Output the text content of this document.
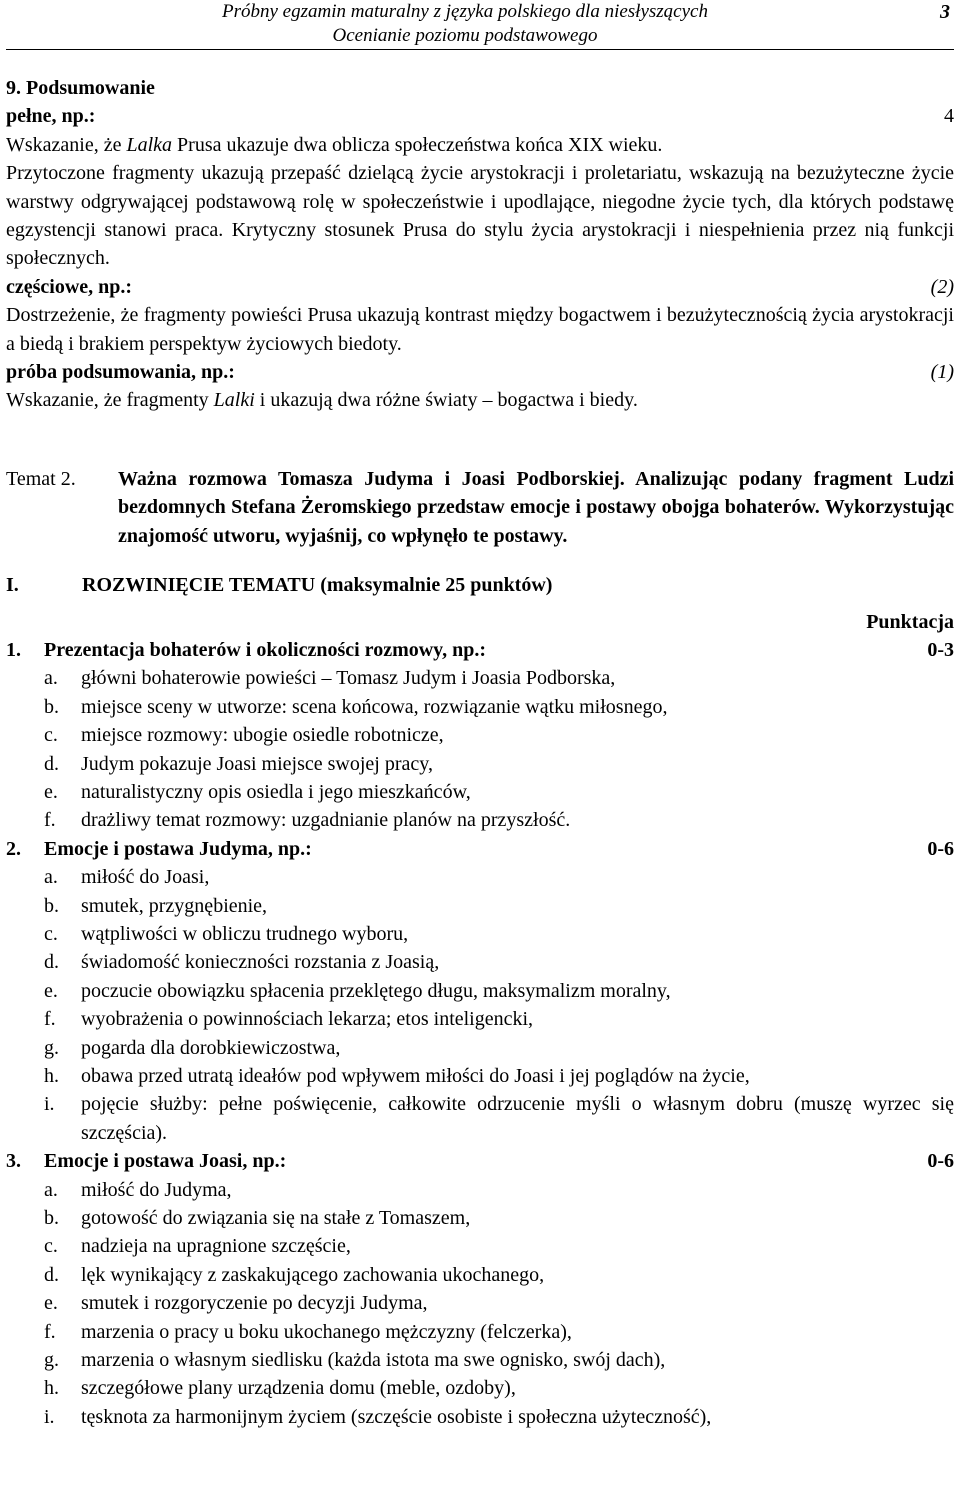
Próbny egzamin maturalny z języka polskiego dla niesłyszących
Ocenianie poziomu podstawowego
3
9. Podsumowanie
pełne, np.:	4
Wskazanie, że Lalka Prusa ukazuje dwa oblicza społeczeństwa końca XIX wieku.
Przytoczone fragmenty ukazują przepaść dzielącą życie arystokracji i proletariatu, wskazują na bezużyteczne życie warstwy odgrywającej podstawową rolę w społeczeństwie i upodlające, niegodne życie tych, dla których podstawę egzystencji stanowi praca. Krytyczny stosunek Prusa do stylu życia arystokracji i niespełnienia przez nią funkcji społecznych.
częściowe, np.:	(2)
Dostrzeżenie, że fragmenty powieści Prusa ukazują kontrast między bogactwem i bezużytecznością życia arystokracji a biedą i brakiem perspektyw życiowych biedoty.
próba podsumowania, np.:	(1)
Wskazanie, że fragmenty Lalki i ukazują dwa różne światy – bogactwa i biedy.
Temat 2.	Ważna rozmowa Tomasza Judyma i Joasi Podborskiej. Analizując podany fragment Ludzi bezdomnych Stefana Żeromskiego przedstaw emocje i postawy obojga bohaterów. Wykorzystując znajomość utworu, wyjaśnij, co wpłynęło te postawy.
I.	ROZWINIĘCIE TEMATU (maksymalnie 25 punktów)
Punktacja
1.	Prezentacja bohaterów i okoliczności rozmowy, np.:	0-3
a.	główni bohaterowie powieści – Tomasz Judym i Joasia Podborska,
b.	miejsce sceny w utworze: scena końcowa, rozwiązanie wątku miłosnego,
c.	miejsce rozmowy: ubogie osiedle robotnicze,
d.	Judym pokazuje Joasi miejsce swojej pracy,
e.	naturalistyczny opis osiedla i jego mieszkańców,
f.	drażliwy temat rozmowy: uzgadnianie planów na przyszłość.
2.	Emocje i postawa Judyma, np.:	0-6
a.	miłość do Joasi,
b.	smutek, przygnębienie,
c.	wątpliwości w obliczu trudnego wyboru,
d.	świadomość konieczności rozstania z Joasią,
e.	poczucie obowiązku spłacenia przeklętego długu, maksymalizm moralny,
f.	wyobrażenia o powinnościach lekarza; etos inteligencki,
g.	pogarda dla dorobkiewiczostwa,
h.	obawa przed utratą ideałów pod wpływem miłości do Joasi i jej poglądów na życie,
i.	pojęcie służby: pełne poświęcenie, całkowite odrzucenie myśli o własnym dobru (muszę wyrzec się szczęścia).
3.	Emocje i postawa Joasi, np.:	0-6
a.	miłość do Judyma,
b.	gotowość do związania się na stałe z Tomaszem,
c.	nadzieja na upragnione szczęście,
d.	lęk wynikający z zaskakującego zachowania ukochanego,
e.	smutek i rozgoryczenie po decyzji Judyma,
f.	marzenia o pracy u boku ukochanego mężczyzny (felczerka),
g.	marzenia o własnym siedlisku (każda istota ma swe ognisko, swój dach),
h.	szczegółowe plany urządzenia domu (meble, ozdoby),
i.	tęsknota za harmonijnym życiem (szczęście osobiste i społeczna użyteczność),
